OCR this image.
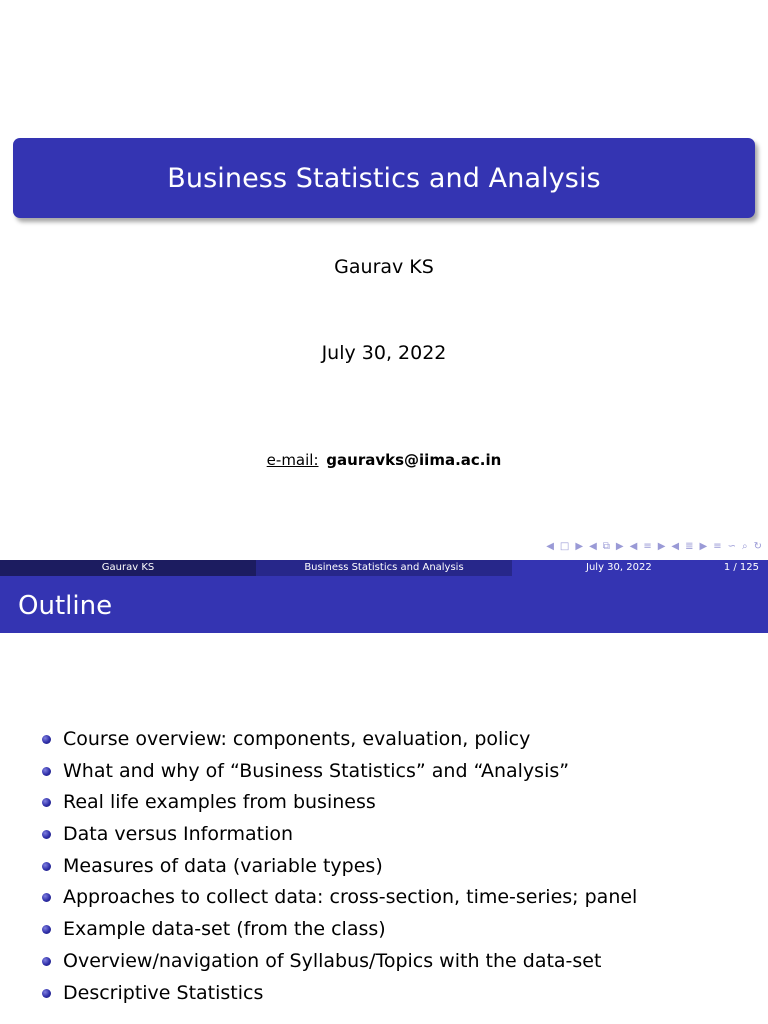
Business Statistics and Analysis
Gaurav KS
July 30, 2022
e-mail: gauravks@iima.ac.in
◀ □ ▶ ◀ ⧉ ▶ ◀ ≡ ▶ ◀ ≣ ▶ ≡ ∽ ⌕ ↻
Gaurav KS	Business Statistics and Analysis	July 30, 2022	1 / 125
Outline
Course overview: components, evaluation, policy
What and why of “Business Statistics” and “Analysis”
Real life examples from business
Data versus Information
Measures of data (variable types)
Approaches to collect data: cross-section, time-series; panel
Example data-set (from the class)
Overview/navigation of Syllabus/Topics with the data-set
Descriptive Statistics
